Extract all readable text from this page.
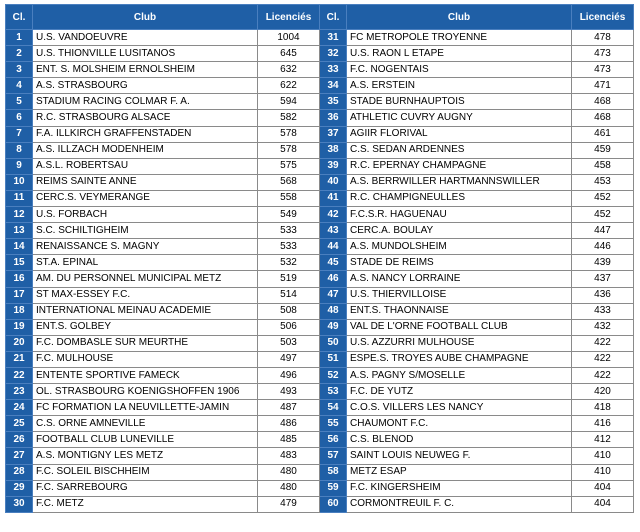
Cl.	Club	Licenciés	Cl.	Club	Licenciés
1	U.S. VANDOEUVRE	1004	31	FC METROPOLE TROYENNE	478
2	U.S. THIONVILLE LUSITANOS	645	32	U.S. RAON L ETAPE	473
3	ENT. S. MOLSHEIM ERNOLSHEIM	632	33	F.C. NOGENTAIS	473
4	A.S. STRASBOURG	622	34	A.S. ERSTEIN	471
5	STADIUM RACING COLMAR F. A.	594	35	STADE BURNHAUPTOIS	468
6	R.C. STRASBOURG ALSACE	582	36	ATHLETIC CUVRY AUGNY	468
7	F.A. ILLKIRCH GRAFFENSTADEN	578	37	AGIIR FLORIVAL	461
8	A.S. ILLZACH MODENHEIM	578	38	C.S. SEDAN ARDENNES	459
9	A.S.L. ROBERTSAU	575	39	R.C. EPERNAY CHAMPAGNE	458
10	REIMS SAINTE ANNE	568	40	A.S. BERRWILLER HARTMANNSWILLER	453
11	CERC.S. VEYMERANGE	558	41	R.C. CHAMPIGNEULLES	452
12	U.S. FORBACH	549	42	F.C.S.R. HAGUENAU	452
13	S.C. SCHILTIGHEIM	533	43	CERC.A. BOULAY	447
14	RENAISSANCE S. MAGNY	533	44	A.S. MUNDOLSHEIM	446
15	ST.A. EPINAL	532	45	STADE DE REIMS	439
16	AM. DU PERSONNEL MUNICIPAL METZ	519	46	A.S. NANCY LORRAINE	437
17	ST MAX-ESSEY F.C.	514	47	U.S. THIERVILLOISE	436
18	INTERNATIONAL MEINAU ACADEMIE	508	48	ENT.S. THAONNAISE	433
19	ENT.S. GOLBEY	506	49	VAL DE L'ORNE FOOTBALL CLUB	432
20	F.C. DOMBASLE SUR MEURTHE	503	50	U.S. AZZURRI MULHOUSE	422
21	F.C. MULHOUSE	497	51	ESPE.S. TROYES AUBE CHAMPAGNE	422
22	ENTENTE SPORTIVE FAMECK	496	52	A.S. PAGNY S/MOSELLE	422
23	OL. STRASBOURG KOENIGSHOFFEN 1906	493	53	F.C. DE YUTZ	420
24	FC FORMATION LA NEUVILLETTE-JAMIN	487	54	C.O.S. VILLERS LES NANCY	418
25	C.S. ORNE AMNEVILLE	486	55	CHAUMONT F.C.	416
26	FOOTBALL CLUB LUNEVILLE	485	56	C.S. BLENOD	412
27	A.S. MONTIGNY LES METZ	483	57	SAINT LOUIS NEUWEG F.	410
28	F.C. SOLEIL BISCHHEIM	480	58	METZ ESAP	410
29	F.C. SARREBOURG	480	59	F.C. KINGERSHEIM	404
30	F.C. METZ	479	60	CORMONTREUIL F. C.	404
